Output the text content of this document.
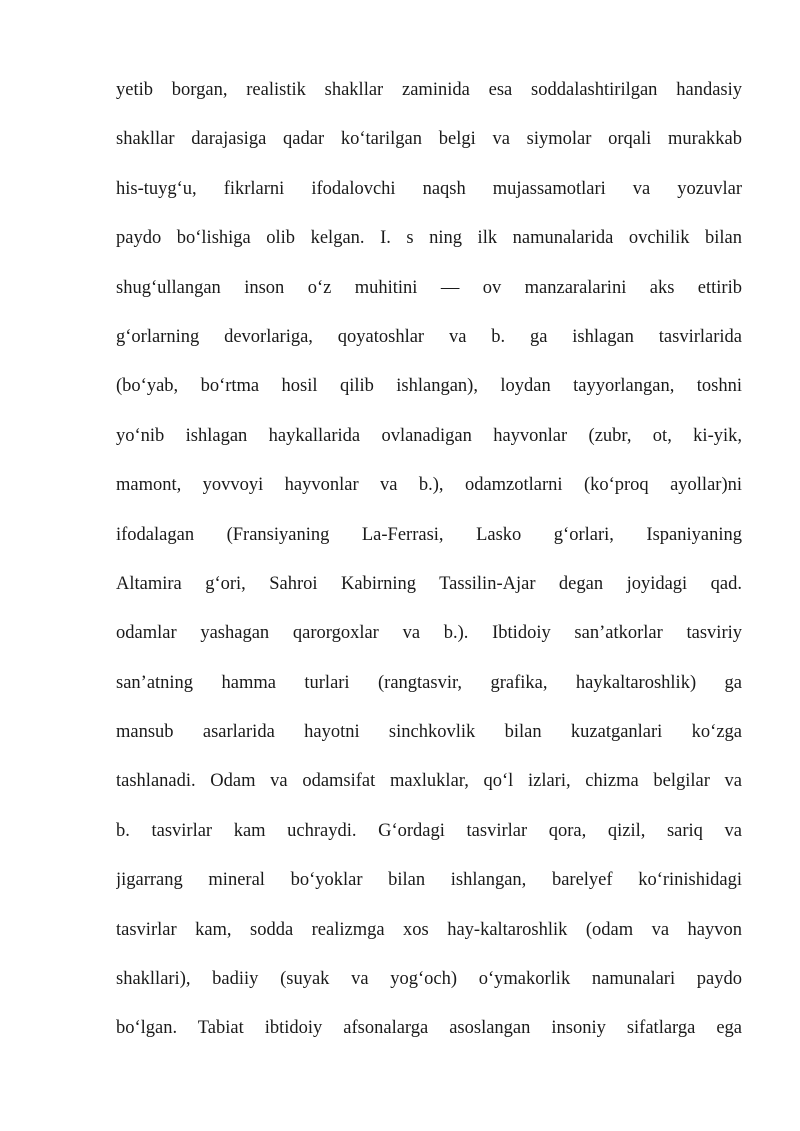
yetib borgan, realistik shakllar zaminida esa soddalashtirilgan handasiy
shakllar darajasiga qadar ko‘tarilgan belgi va siymolar orqali murakkab
his-tuyg‘u, fikrlarni ifodalovchi naqsh mujassamotlari va yozuvlar
paydo bo‘lishiga olib kelgan. I. s ning ilk namunalarida ovchilik bilan
shug‘ullangan inson o‘z muhitini — ov manzaralarini aks ettirib
g‘orlarning devorlariga, qoyatoshlar va b. ga ishlagan tasvirlarida
(bo‘yab, bo‘rtma hosil qilib ishlangan), loydan tayyorlangan, toshni
yo‘nib ishlagan haykallarida ovlanadigan hayvonlar (zubr, ot, ki-yik,
mamont, yovvoyi hayvonlar va b.), odamzotlarni (ko‘proq ayollar)ni
ifodalagan (Fransiyaning La-Ferrasi, Lasko g‘orlari, Ispaniyaning
Altamira g‘ori, Sahroi Kabirning Tassilin-Ajar degan joyidagi qad.
odamlar yashagan qarorgoxlar va b.). Ibtidoiy san’atkorlar tasviriy
san’atning hamma turlari (rangtasvir, grafika, haykaltaroshlik) ga
mansub asarlarida hayotni sinchkovlik bilan kuzatganlari ko‘zga
tashlanadi. Odam va odamsifat maxluklar, qo‘l izlari, chizma belgilar va
b. tasvirlar kam uchraydi. G‘ordagi tasvirlar qora, qizil, sariq va
jigarrang mineral bo‘yoklar bilan ishlangan, barelyef ko‘rinishidagi
tasvirlar kam, sodda realizmga xos hay-kaltaroshlik (odam va hayvon
shakllari), badiiy (suyak va yog‘och) o‘ymakorlik namunalari paydo
bo‘lgan. Tabiat ibtidoiy afsonalarga asoslangan insoniy sifatlarga ega
